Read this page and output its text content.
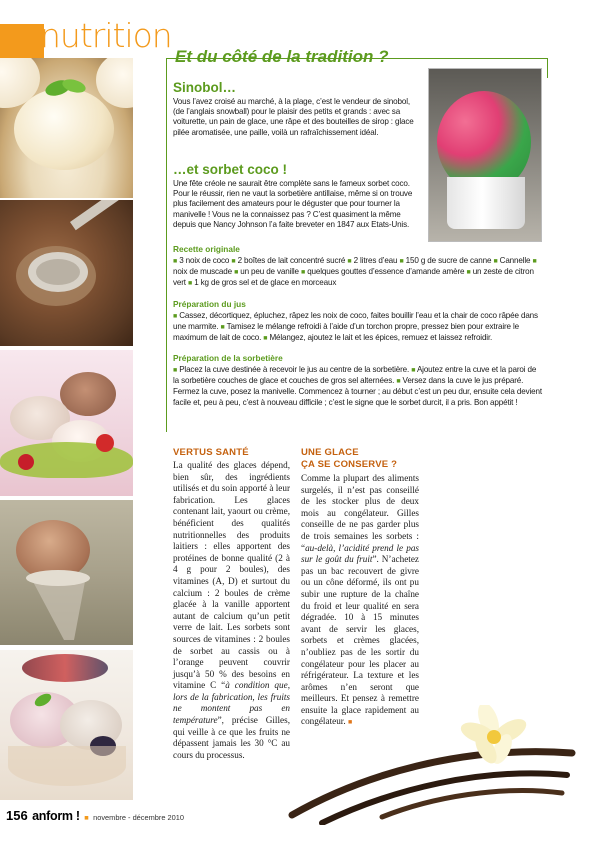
nutrition
Et du côté de la tradition ?
Sinobol…
Vous l’avez croisé au marché, à la plage, c’est le vendeur de sinobol, (de l’anglais snowball) pour le plaisir des petits et grands : avec sa voiturette, un pain de glace, une râpe et des bouteilles de sirop : glace pilée aromatisée, une paille, voilà un rafraîchissement idéal.
…et sorbet coco !
Une fête créole ne saurait être complète sans le fameux sorbet coco. Pour le réussir, rien ne vaut la sorbetière antillaise, même si on trouve plus facilement des amateurs pour le déguster que pour tourner la manivelle ! Vous ne la connaissez pas ? C’est quasiment la même depuis que Nancy Johnson l’a faite breveter en 1847 aux Etats-Unis.
Recette originale
■ 3 noix de coco ■ 2 boîtes de lait concentré sucré ■ 2 litres d’eau ■ 150 g de sucre de canne ■ Cannelle ■ noix de muscade ■ un peu de vanille ■ quelques gouttes d’essence d’amande amère ■ un zeste de citron vert ■ 1 kg de gros sel et de glace en morceaux
Préparation du jus
■ Cassez, décortiquez, épluchez, râpez les noix de coco, faites bouillir l’eau et la chair de coco râpée dans une marmite. ■ Tamisez le mélange refroidi à l’aide d’un torchon propre, pressez bien pour extraire le maximum de lait de coco. ■ Mélangez, ajoutez le lait et les épices, remuez et laissez refroidir.
Préparation de la sorbetière
■ Placez la cuve destinée à recevoir le jus au centre de la sorbetière. ■ Ajoutez entre la cuve et la paroi de la sorbetière couches de glace et couches de gros sel alternées. ■ Versez dans la cuve le jus préparé. Fermez la cuve, posez la manivelle. Commencez à tourner ; au début c’est un peu dur, ensuite cela devient facile et, peu à peu, c’est à nouveau difficile ; c’est le signe que le sorbet durcit, il a pris. Bon appétit !
VERTUS SANTÉ
La qualité des glaces dépend, bien sûr, des ingrédients utilisés et du soin apporté à leur fabrication. Les glaces contenant lait, yaourt ou crème, bénéficient des qualités nutritionnelles des produits laitiers : elles apportent des protéines de bonne qualité (2 à 4 g pour 2 boules), des vitamines (A, D) et surtout du calcium : 2 boules de crème glacée à la vanille apportent autant de calcium qu’un petit verre de lait. Les sorbets sont sources de vitamines : 2 boules de sorbet au cassis ou à l’orange peuvent couvrir jusqu’à 50 % des besoins en vitamine C “à condition que, lors de la fabrication, les fruits ne montent pas en température”, précise Gilles, qui veille à ce que les fruits ne dépassent jamais les 30 °C au cours du processus.
UNE GLACE
ÇA SE CONSERVE ?
Comme la plupart des aliments surgelés, il n’est pas conseillé de les stocker plus de deux mois au congélateur. Gilles conseille de ne pas garder plus de trois semaines les sorbets : “au-delà, l’acidité prend le pas sur le goût du fruit”. N’achetez pas un bac recouvert de givre ou un cône déformé, ils ont pu subir une rupture de la chaîne du froid et leur qualité en sera dégradée. 10 à 15 minutes avant de servir les glaces, sorbets et crèmes glacées, n’oubliez pas de les sortir du congélateur pour les placer au réfrigérateur. La texture et les arômes n’en seront que meilleurs. Et pensez à remettre ensuite la glace rapidement au congélateur. ■
156 anform ! ■ novembre - décembre 2010
